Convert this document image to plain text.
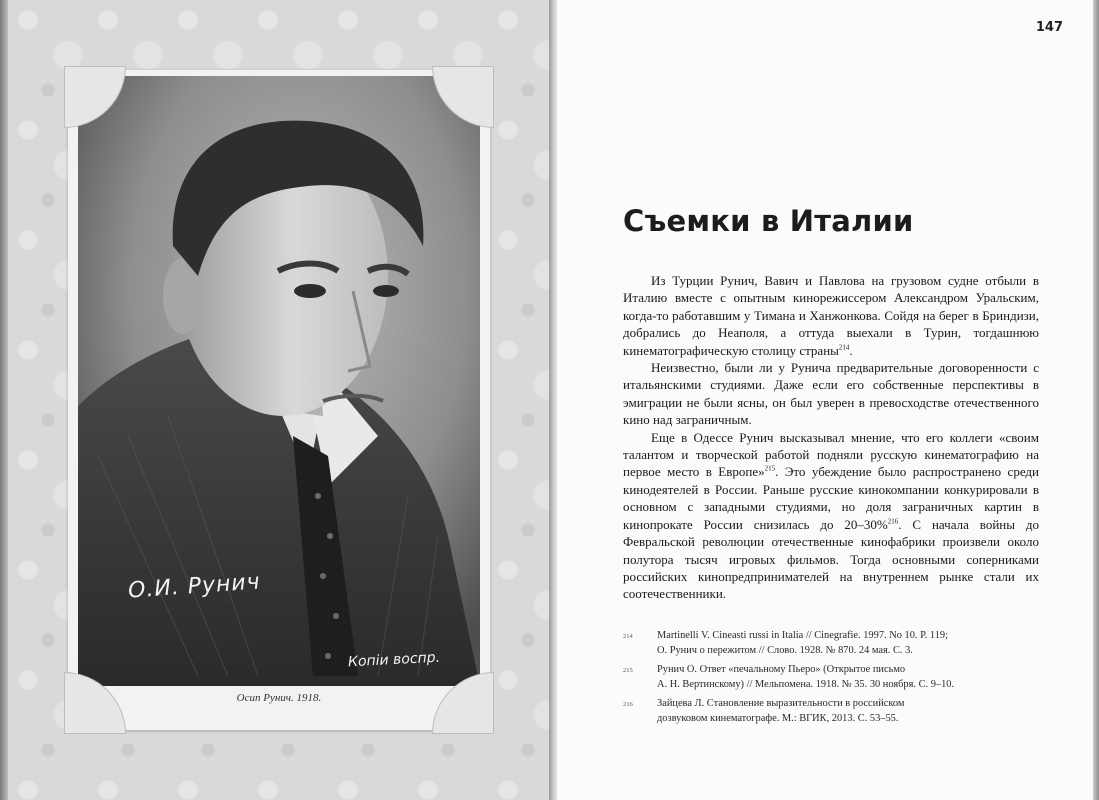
О.И. Рунич
Копiи воспр.
Осип Рунич. 1918.
147
Съемки в Италии

Из Турции Рунич, Вавич и Павлова на грузовом судне отбыли в Италию вместе с опытным кинорежиссером Александром Уральским, когда-то работавшим у Тимана и Ханжонкова. Сойдя на берег в Бриндизи, добрались до Неаполя, а оттуда выехали в Турин, тогдашнюю кинематографическую столицу страны$^{214}$.

Неизвестно, были ли у Рунича предварительные договоренности с итальянскими студиями. Даже если его собственные перспективы в эмиграции не были ясны, он был уверен в превосходстве отечественного кино над заграничным.

Еще в Одессе Рунич высказывал мнение, что его коллеги «своим талантом и творческой работой подняли русскую кинематографию на первое место в Европе»$^{215}$. Это убеждение было распространено среди кинодеятелей в России. Раньше русские кинокомпании конкурировали в основном с западными студиями, но доля заграничных картин в кинопрокате России снизилась до 20–30%$^{216}$. С начала войны до Февральской революции отечественные кинофабрики произвели около полутора тысяч игровых фильмов. Тогда основными соперниками российских кинопредпринимателей на внутреннем рынке стали их соотечественники.

214	Martinelli V. Cineasti russi in Italia // Cinegrafie. 1997. No 10. P. 119;
О. Рунич о пережитом // Слово. 1928. № 870. 24 мая. С. 3.
215	Рунич О. Ответ «печальному Пьеро» (Открытое письмо
А. Н. Вертинскому) // Мельпомена. 1918. № 35. 30 ноября. С. 9–10.
216	Зайцева Л. Становление выразительности в российском
дозвуковом кинематографе. М.: ВГИК, 2013. С. 53–55.
